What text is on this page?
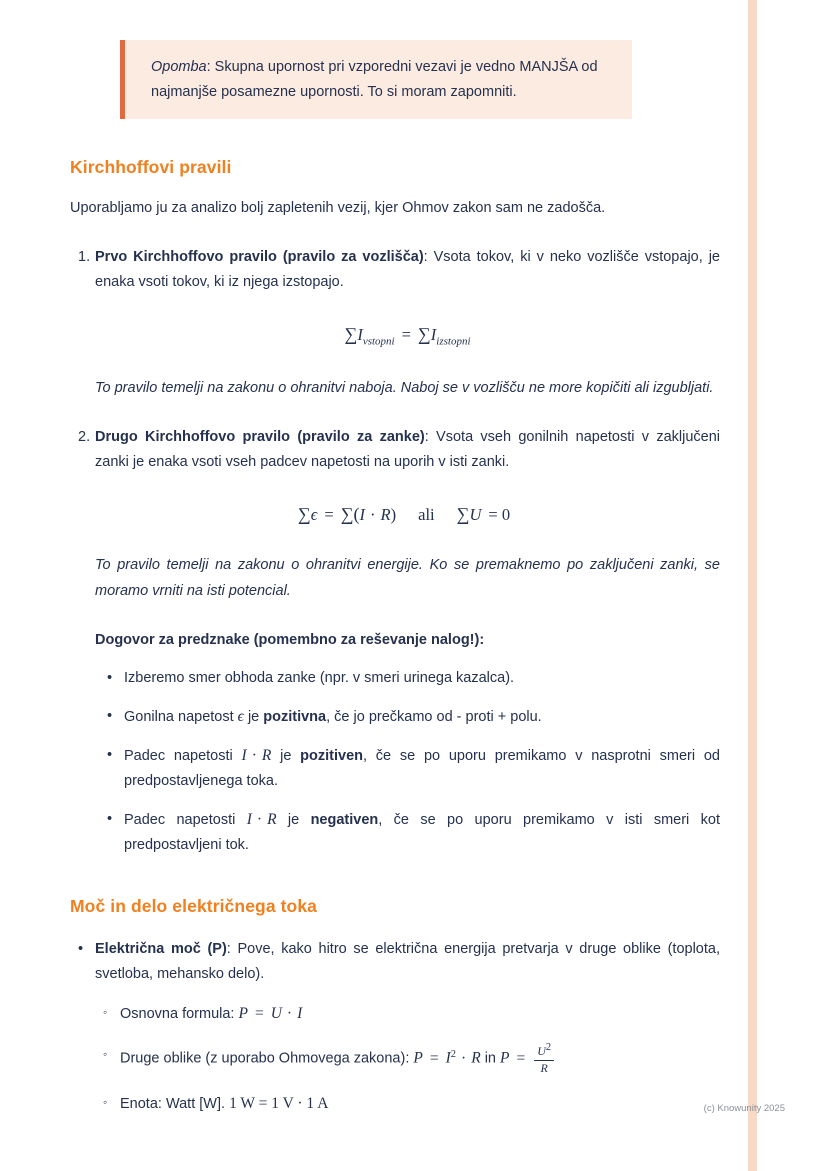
Opomba: Skupna upornost pri vzporedni vezavi je vedno MANJŠA od najmanjše posamezne upornosti. To si moram zapomniti.
Kirchhoffovi pravili

Uporabljamo ju za analizo bolj zapletenih vezij, kjer Ohmov zakon sam ne zadošča.

1. Prvo Kirchhoffovo pravilo (pravilo za vozlišča): Vsota tokov, ki v neko vozlišče vstopajo, je enaka vsoti tokov, ki iz njega izstopajo.

$\sum I_{vstopni} = \sum I_{izstopni}$

To pravilo temelji na zakonu o ohranitvi naboja. Naboj se v vozlišču ne more kopičiti ali izgubljati.

2. Drugo Kirchhoffovo pravilo (pravilo za zanke): Vsota vseh gonilnih napetosti v zaključeni zanki je enaka vsoti vseh padcev napetosti na uporih v isti zanki.

∑ϵ = ∑(I · R) ali ∑U = 0

To pravilo temelji na zakonu o ohranitvi energije. Ko se premaknemo po zaključeni zanki, se moramo vrniti na isti potencial.

Dogovor za predznake (pomembno za reševanje nalog!):
• Izberemo smer obhoda zanke (npr. v smeri urinega kazalca).
• Gonilna napetost ϵ je pozitivna, če jo prečkamo od - proti + polu.
• Padec napetosti I · R je pozitiven, če se po uporu premikamo v nasprotni smeri od predpostavljenega toka.
• Padec napetosti I · R je negativen, če se po uporu premikamo v isti smeri kot predpostavljeni tok.
Moč in delo električnega toka
• Električna moč (P): Pove, kako hitro se električna energija pretvarja v druge oblike (toplota, svetloba, mehansko delo).
◦ Osnovna formula: P = U · I
◦ Druge oblike (z uporabo Ohmovega zakona): $P = I^2 \cdot R$ in $P = \frac{U^2}{R}$
◦ Enota: Watt [W]. 1 W = 1 V · 1 A	(c) Knowunity 2025
